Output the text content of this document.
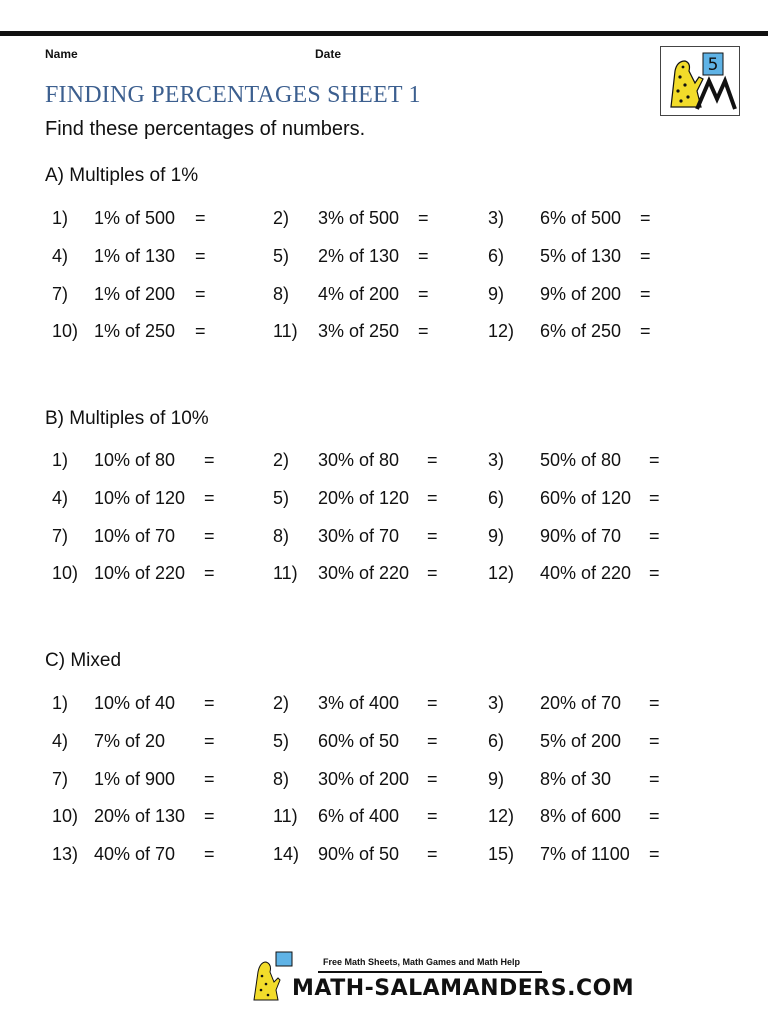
Name	Date
5
FINDING PERCENTAGES SHEET 1
Find these percentages of numbers.
A) Multiples of 1%
1) 1% of 500 =	2) 3% of 500 =	3) 6% of 500 =
4) 1% of 130 =	5) 2% of 130 =	6) 5% of 130 =
7) 1% of 200 =	8) 4% of 200 =	9) 9% of 200 =
10) 1% of 250 =	11) 3% of 250 =	12) 6% of 250 =
B) Multiples of 10%
1) 10% of 80 =	2) 30% of 80 =	3) 50% of 80 =
4) 10% of 120 =	5) 20% of 120 =	6) 60% of 120 =
7) 10% of 70 =	8) 30% of 70 =	9) 90% of 70 =
10) 10% of 220 =	11) 30% of 220 =	12) 40% of 220 =
C) Mixed
1) 10% of 40 =	2) 3% of 400 =	3) 20% of 70 =
4) 7% of 20 =	5) 60% of 50 =	6) 5% of 200 =
7) 1% of 900 =	8) 30% of 200 =	9) 8% of 30 =
10) 20% of 130 =	11) 6% of 400 =	12) 8% of 600 =
13) 40% of 70 =	14) 90% of 50 =	15) 7% of 1100 =
Free Math Sheets, Math Games and Math Help
MATH-SALAMANDERS.COM
